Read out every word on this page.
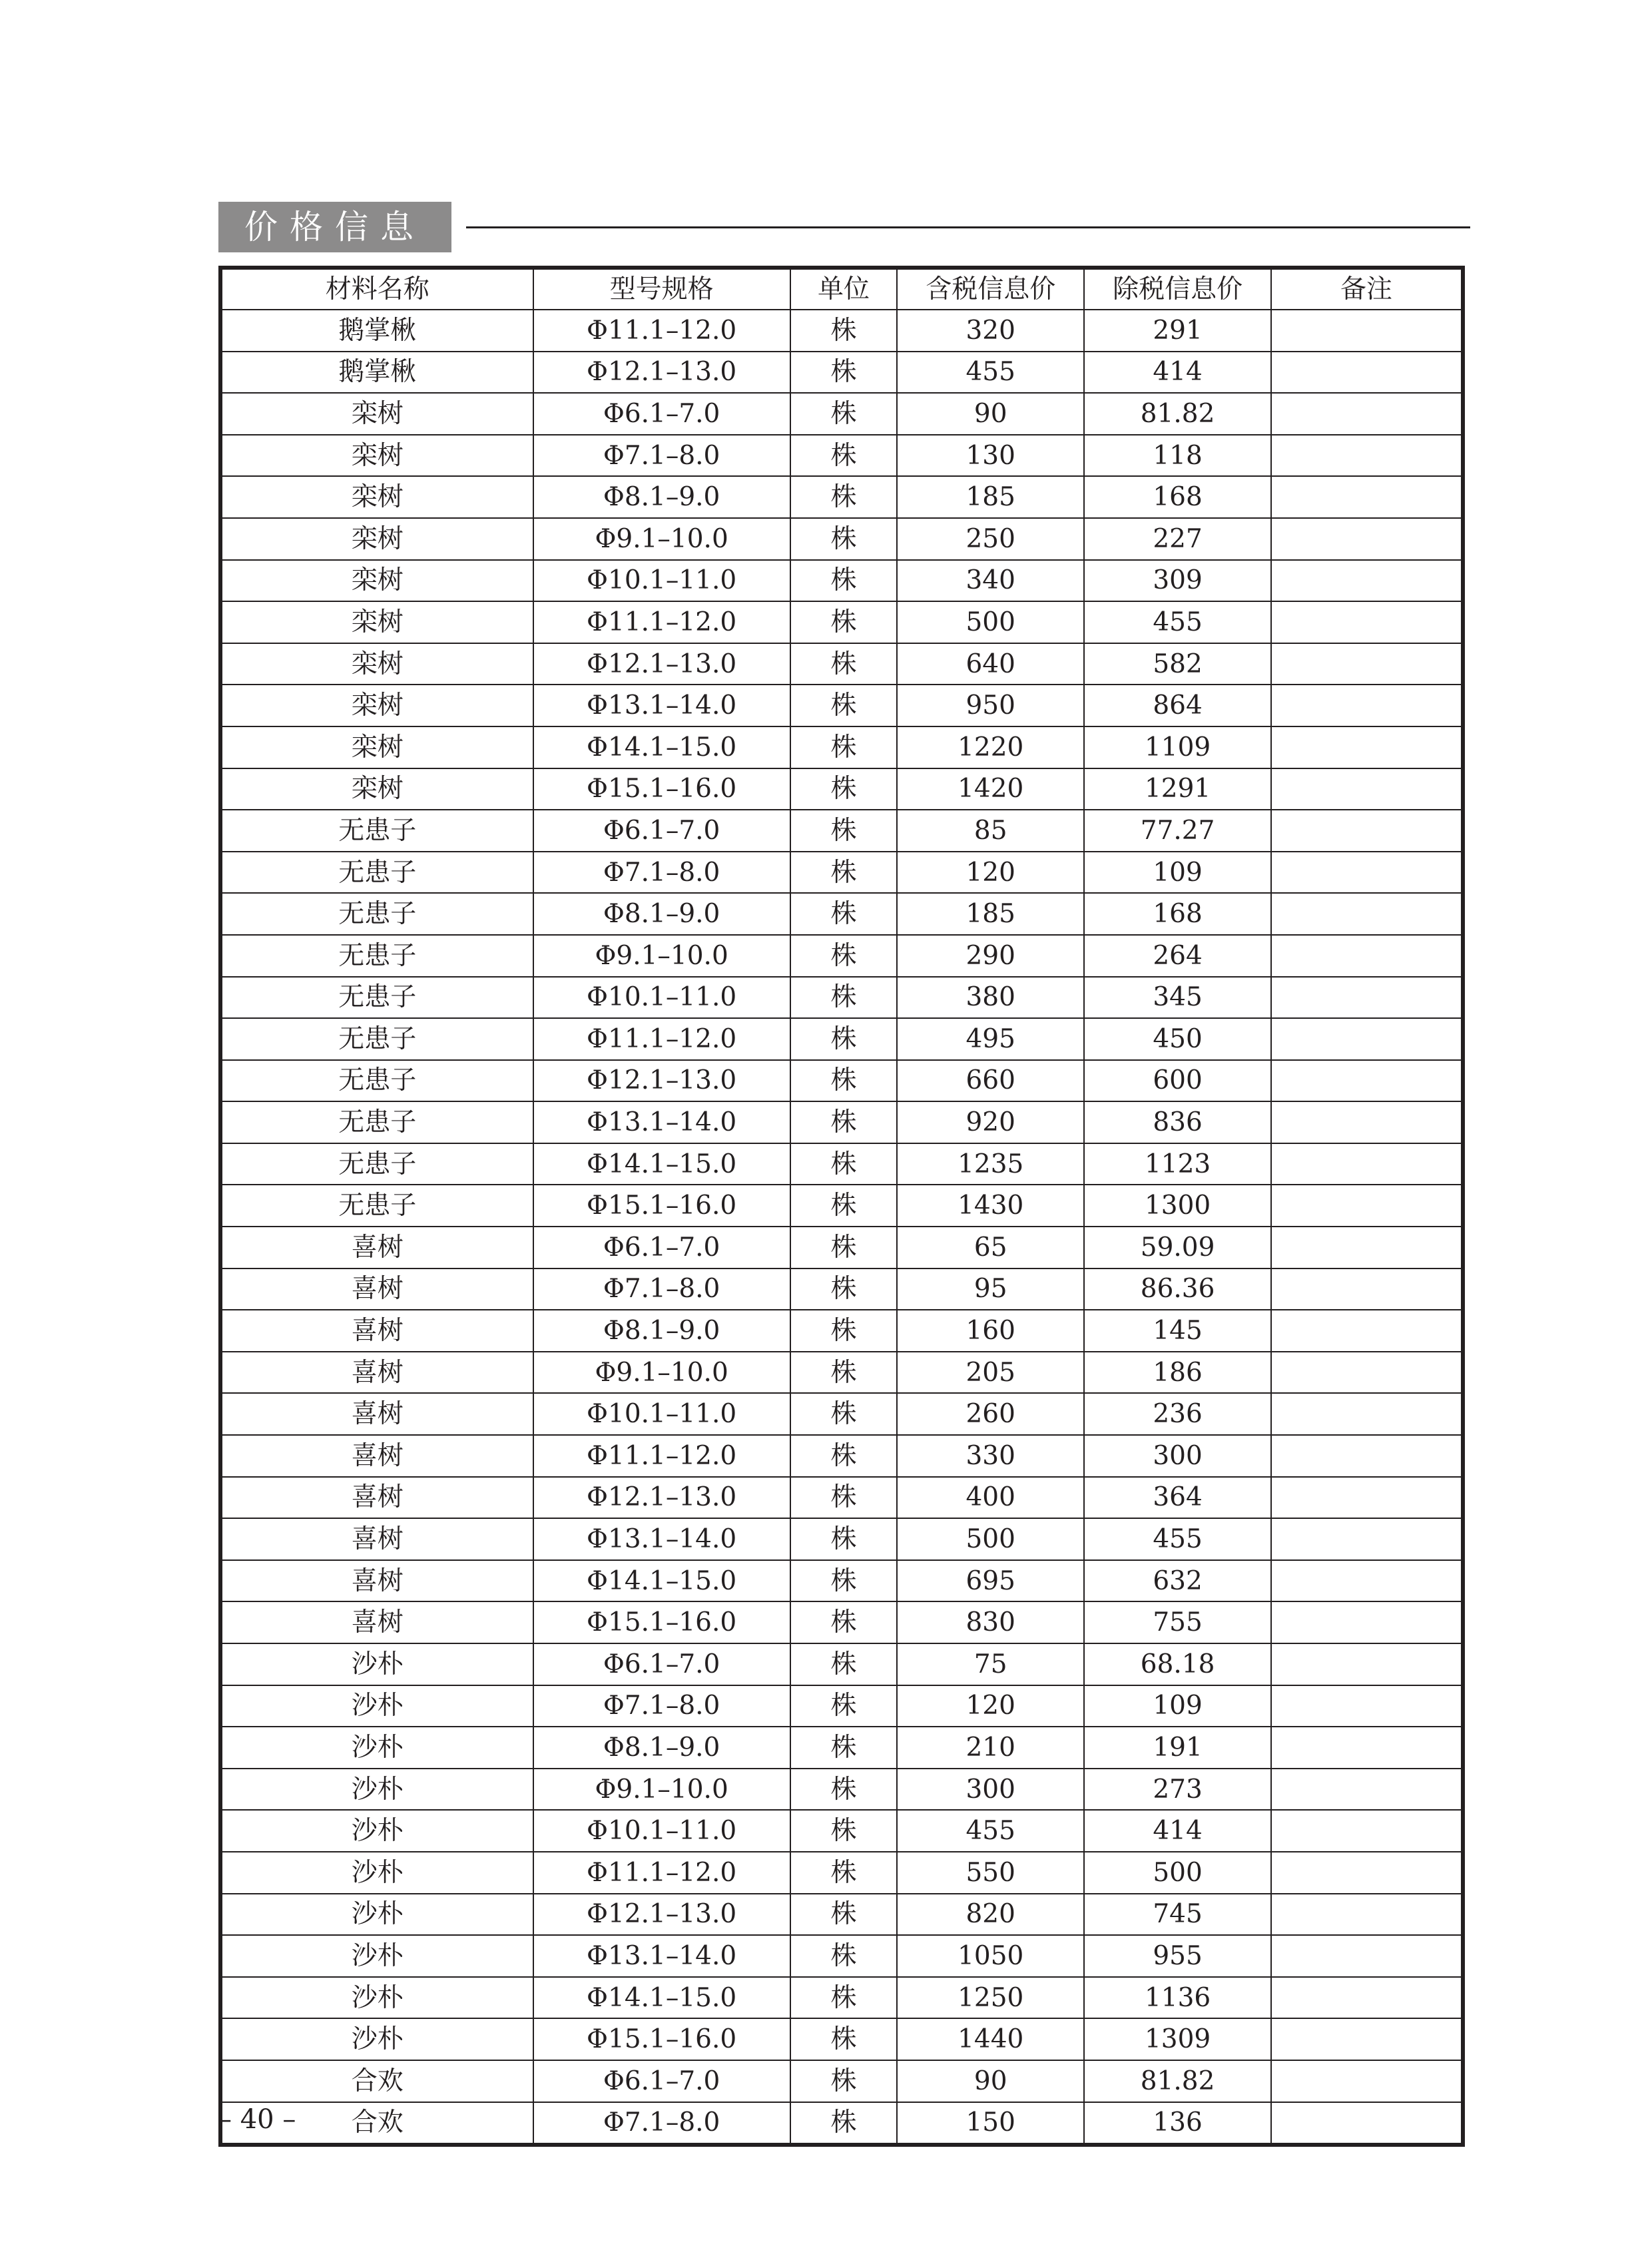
价格信息
材料名称	型号规格	单位	含税信息价	除税信息价	备注
鹅掌楸	Φ11.1–12.0	株	320	291	
鹅掌楸	Φ12.1–13.0	株	455	414	
栾树	Φ6.1–7.0	株	90	81.82	
栾树	Φ7.1–8.0	株	130	118	
栾树	Φ8.1–9.0	株	185	168	
栾树	Φ9.1–10.0	株	250	227	
栾树	Φ10.1–11.0	株	340	309	
栾树	Φ11.1–12.0	株	500	455	
栾树	Φ12.1–13.0	株	640	582	
栾树	Φ13.1–14.0	株	950	864	
栾树	Φ14.1–15.0	株	1220	1109	
栾树	Φ15.1–16.0	株	1420	1291	
无患子	Φ6.1–7.0	株	85	77.27	
无患子	Φ7.1–8.0	株	120	109	
无患子	Φ8.1–9.0	株	185	168	
无患子	Φ9.1–10.0	株	290	264	
无患子	Φ10.1–11.0	株	380	345	
无患子	Φ11.1–12.0	株	495	450	
无患子	Φ12.1–13.0	株	660	600	
无患子	Φ13.1–14.0	株	920	836	
无患子	Φ14.1–15.0	株	1235	1123	
无患子	Φ15.1–16.0	株	1430	1300	
喜树	Φ6.1–7.0	株	65	59.09	
喜树	Φ7.1–8.0	株	95	86.36	
喜树	Φ8.1–9.0	株	160	145	
喜树	Φ9.1–10.0	株	205	186	
喜树	Φ10.1–11.0	株	260	236	
喜树	Φ11.1–12.0	株	330	300	
喜树	Φ12.1–13.0	株	400	364	
喜树	Φ13.1–14.0	株	500	455	
喜树	Φ14.1–15.0	株	695	632	
喜树	Φ15.1–16.0	株	830	755	
沙朴	Φ6.1–7.0	株	75	68.18	
沙朴	Φ7.1–8.0	株	120	109	
沙朴	Φ8.1–9.0	株	210	191	
沙朴	Φ9.1–10.0	株	300	273	
沙朴	Φ10.1–11.0	株	455	414	
沙朴	Φ11.1–12.0	株	550	500	
沙朴	Φ12.1–13.0	株	820	745	
沙朴	Φ13.1–14.0	株	1050	955	
沙朴	Φ14.1–15.0	株	1250	1136	
沙朴	Φ15.1–16.0	株	1440	1309	
合欢	Φ6.1–7.0	株	90	81.82	
合欢	Φ7.1–8.0	株	150	136	
– 40 –
